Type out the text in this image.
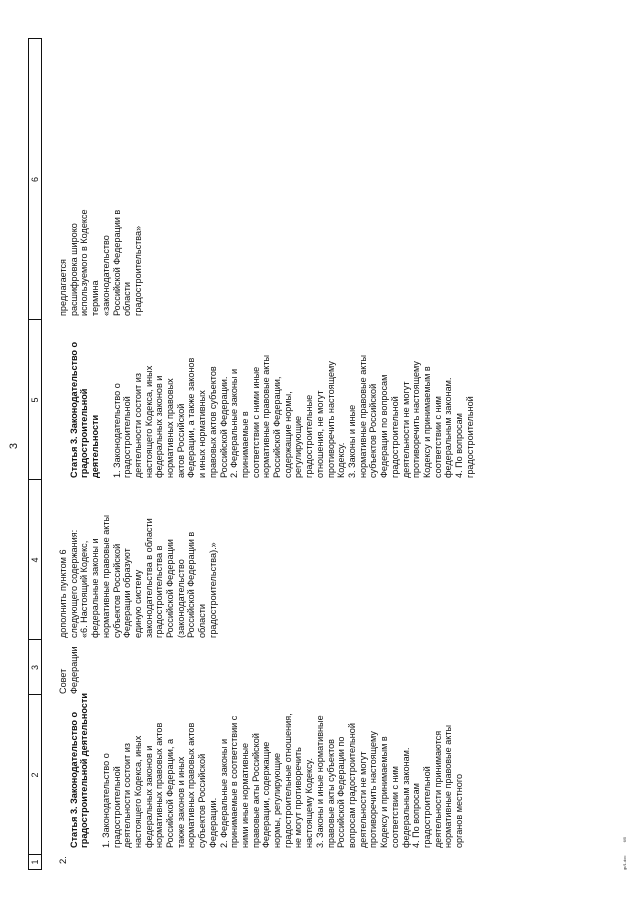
3
1
2
3
4
5
6
2.

Статья 3. Законодательство о градостроительной деятельности 1. Законодательство о
градостроительной
деятельности состоит из
настоящего Кодекса, иных
федеральных законов и
нормативных правовых актов
Российской Федерации, а
также законов и иных
нормативных правовых актов
субъектов Российской
Федерации.
2. Федеральные законы и
принимаемые в соответствии с
ними иные нормативные
правовые акты Российской
Федерации, содержащие
нормы, регулирующие
градостроительные отношения,
не могут противоречить
настоящему Кодексу.
3. Законы и иные нормативные
правовые акты субъектов
Российской Федерации по
вопросам градостроительной
деятельности не могут
противоречить настоящему
Кодексу и принимаемым в
соответствии с ним
федеральным законам.
4. По вопросам
градостроительной
деятельности принимаются
нормативные правовые акты
органов местного

Совет
Федерации
дополнить пунктом 6
следующего содержания:
«6. Настоящий Кодекс,
федеральные законы и
нормативные правовые акты
субъектов Российской
Федерации образуют
единую систему
законодательства в области
градостроительства в
Российской Федерации
(законодательство
Российской Федерации в
области
градостроительства).»

Статья 3. Законодательство о градостроительной деятельности 1. Законодательство о
градостроительной
деятельности состоит из
настоящего Кодекса, иных
федеральных законов и
нормативных правовых
актов Российской
Федерации, а также законов
и иных нормативных
правовых актов субъектов
Российской Федерации.
2. Федеральные законы и
принимаемые в
соответствии с ними иные
нормативные правовые акты
Российской Федерации,
содержащие нормы,
регулирующие
градостроительные
отношения, не могут
противоречить настоящему
Кодексу.
3. Законы и иные
нормативные правовые акты
субъектов Российской
Федерации по вопросам
градостроительной
деятельности не могут
противоречить настоящему
Кодексу и принимаемым в
соответствии с ним
федеральным законам.
4. По вопросам
градостроительной

предлагается
расшифровка широко
используемого в Кодексе
термина
«законодательство
Российской Федерации в
области
градостроительства»
gr/1.doc 6/5
